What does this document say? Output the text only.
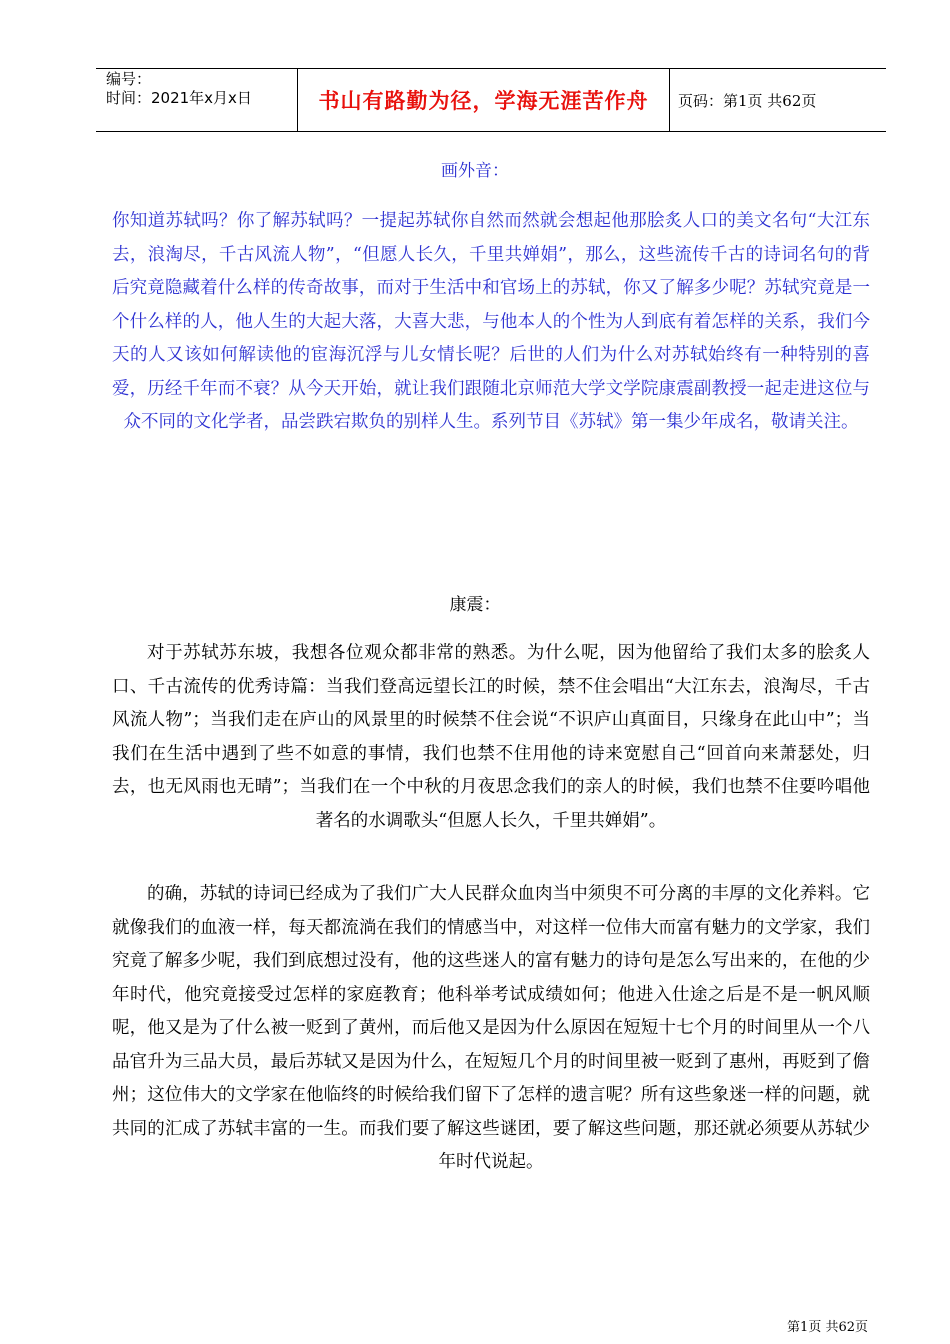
编号：
时间：2021年x月x日	书山有路勤为径，学海无涯苦作舟 页码：第1页 共62页
画外音：

你知道苏轼吗？你了解苏轼吗？一提起苏轼你自然而然就会想起他那脍炙人口的美文名句“大江东去，浪淘尽，千古风流人物”，“但愿人长久，千里共婵娟”，那么，这些流传千古的诗词名句的背后究竟隐藏着什么样的传奇故事，而对于生活中和官场上的苏轼，你又了解多少呢？苏轼究竟是一个什么样的人，他人生的大起大落，大喜大悲，与他本人的个性为人到底有着怎样的关系，我们今天的人又该如何解读他的宦海沉浮与儿女情长呢？后世的人们为什么对苏轼始终有一种特别的喜爱，历经千年而不衰？从今天开始，就让我们跟随北京师范大学文学院康震副教授一起走进这位与众不同的文化学者，品尝跌宕欺负的别样人生。系列节目《苏轼》第一集少年成名，敬请关注。

康震：

对于苏轼苏东坡，我想各位观众都非常的熟悉。为什么呢，因为他留给了我们太多的脍炙人口、千古流传的优秀诗篇：当我们登高远望长江的时候，禁不住会唱出“大江东去，浪淘尽，千古风流人物”；当我们走在庐山的风景里的时候禁不住会说“不识庐山真面目，只缘身在此山中”；当我们在生活中遇到了些不如意的事情，我们也禁不住用他的诗来宽慰自己“回首向来萧瑟处，归去，也无风雨也无晴”；当我们在一个中秋的月夜思念我们的亲人的时候，我们也禁不住要吟唱他著名的水调歌头“但愿人长久，千里共婵娟”。

的确，苏轼的诗词已经成为了我们广大人民群众血肉当中须臾不可分离的丰厚的文化养料。它就像我们的血液一样，每天都流淌在我们的情感当中，对这样一位伟大而富有魅力的文学家，我们究竟了解多少呢，我们到底想过没有，他的这些迷人的富有魅力的诗句是怎么写出来的，在他的少年时代，他究竟接受过怎样的家庭教育；他科举考试成绩如何；他进入仕途之后是不是一帆风顺呢，他又是为了什么被一贬到了黄州，而后他又是因为什么原因在短短十七个月的时间里从一个八品官升为三品大员，最后苏轼又是因为什么，在短短几个月的时间里被一贬到了惠州，再贬到了儋州；这位伟大的文学家在他临终的时候给我们留下了怎样的遗言呢？所有这些象迷一样的问题，就共同的汇成了苏轼丰富的一生。而我们要了解这些谜团，要了解这些问题，那还就必须要从苏轼少年时代说起。

第1页 共62页
